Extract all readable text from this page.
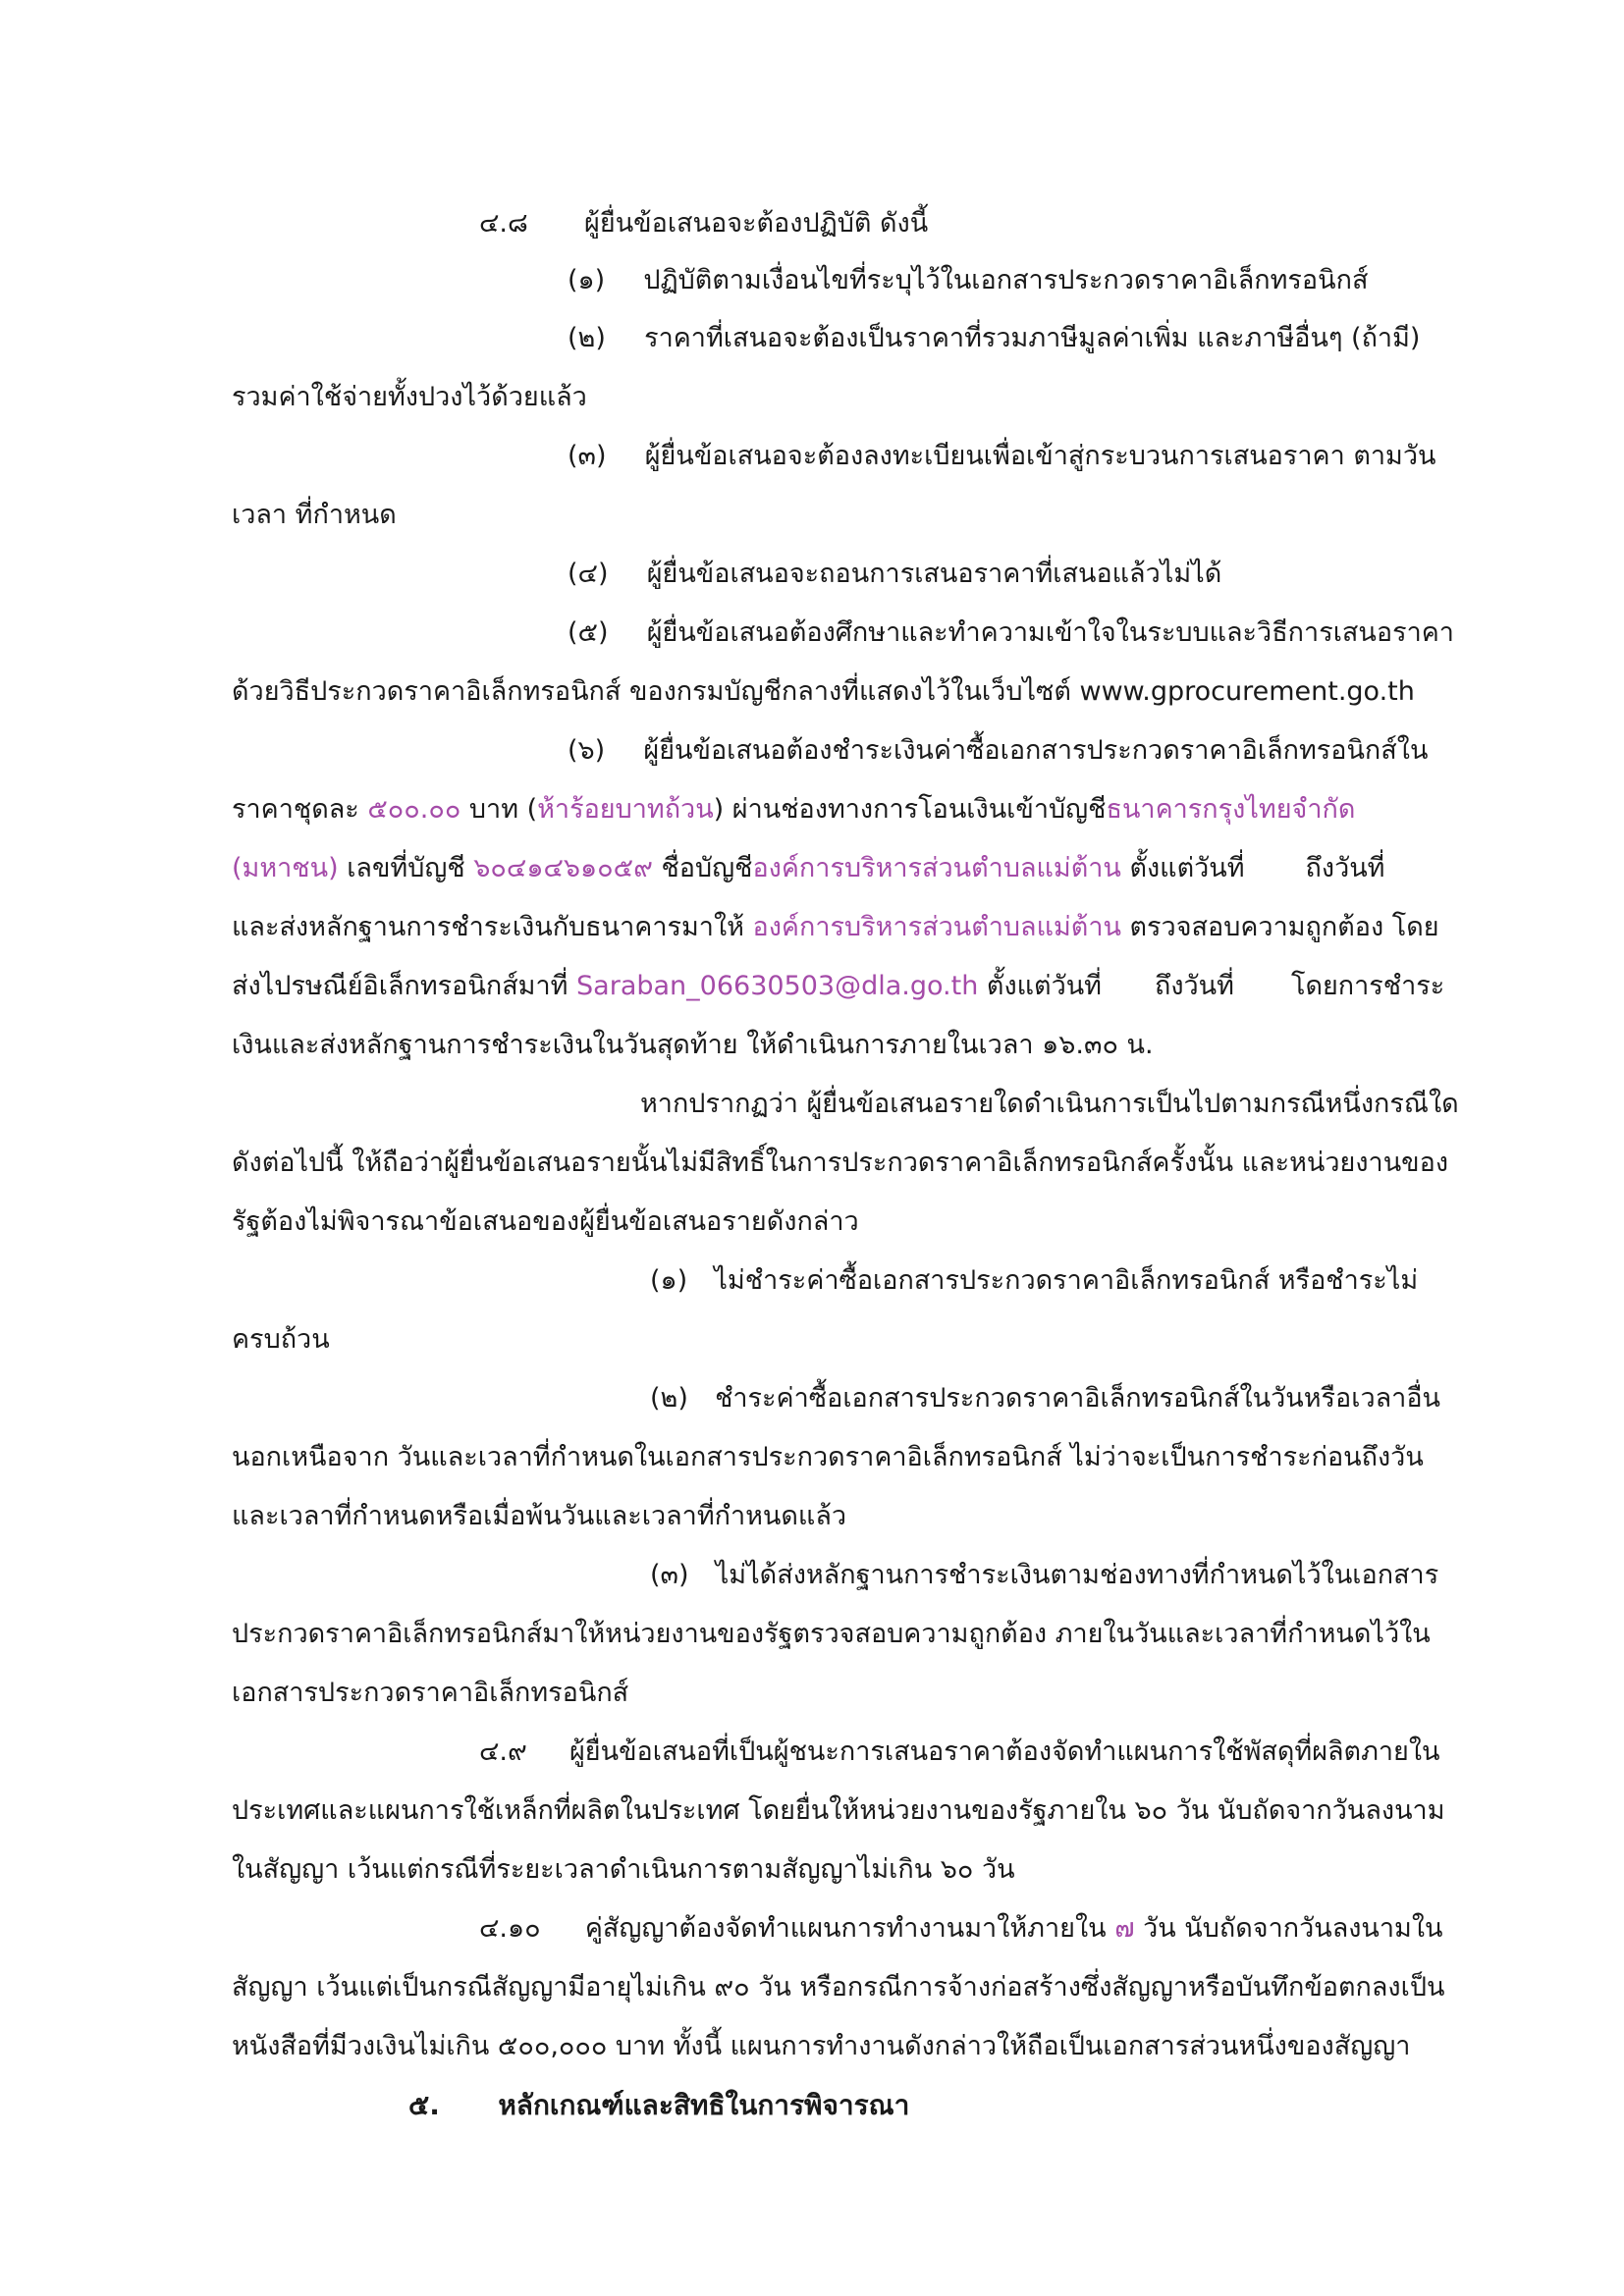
๔.๘ ผู้ยื่นข้อเสนอจะต้องปฏิบัติ ดังนี้
(๑) ปฏิบัติตามเงื่อนไขที่ระบุไว้ในเอกสารประกวดราคาอิเล็กทรอนิกส์
(๒) ราคาที่เสนอจะต้องเป็นราคาที่รวมภาษีมูลค่าเพิ่ม และภาษีอื่นๆ (ถ้ามี)
รวมค่าใช้จ่ายทั้งปวงไว้ด้วยแล้ว
(๓) ผู้ยื่นข้อเสนอจะต้องลงทะเบียนเพื่อเข้าสู่กระบวนการเสนอราคา ตามวัน
เวลา ที่กำหนด
(๔) ผู้ยื่นข้อเสนอจะถอนการเสนอราคาที่เสนอแล้วไม่ได้
(๕) ผู้ยื่นข้อเสนอต้องศึกษาและทำความเข้าใจในระบบและวิธีการเสนอราคา
ด้วยวิธีประกวดราคาอิเล็กทรอนิกส์ ของกรมบัญชีกลางที่แสดงไว้ในเว็บไซต์ www.gprocurement.go.th
(๖) ผู้ยื่นข้อเสนอต้องชำระเงินค่าซื้อเอกสารประกวดราคาอิเล็กทรอนิกส์ใน
ราคาชุดละ ๕๐๐.๐๐ บาท (ห้าร้อยบาทถ้วน) ผ่านช่องทางการโอนเงินเข้าบัญชีธนาคารกรุงไทยจำกัด
(มหาชน) เลขที่บัญชี ๖๐๔๑๔๖๑๐๕๙ ชื่อบัญชีองค์การบริหารส่วนตำบลแม่ต้าน ตั้งแต่วันที่ ถึงวันที่
และส่งหลักฐานการชำระเงินกับธนาคารมาให้ องค์การบริหารส่วนตำบลแม่ต้าน ตรวจสอบความถูกต้อง โดย
ส่งไปรษณีย์อิเล็กทรอนิกส์มาที่ Saraban_06630503@dla.go.th ตั้งแต่วันที่ ถึงวันที่ โดยการชำระ
เงินและส่งหลักฐานการชำระเงินในวันสุดท้าย ให้ดำเนินการภายในเวลา ๑๖.๓๐ น.
หากปรากฏว่า ผู้ยื่นข้อเสนอรายใดดำเนินการเป็นไปตามกรณีหนึ่งกรณีใด
ดังต่อไปนี้ ให้ถือว่าผู้ยื่นข้อเสนอรายนั้นไม่มีสิทธิ์ในการประกวดราคาอิเล็กทรอนิกส์ครั้งนั้น และหน่วยงานของ
รัฐต้องไม่พิจารณาข้อเสนอของผู้ยื่นข้อเสนอรายดังกล่าว
(๑) ไม่ชำระค่าซื้อเอกสารประกวดราคาอิเล็กทรอนิกส์ หรือชำระไม่
ครบถ้วน
(๒) ชำระค่าซื้อเอกสารประกวดราคาอิเล็กทรอนิกส์ในวันหรือเวลาอื่น
นอกเหนือจาก วันและเวลาที่กำหนดในเอกสารประกวดราคาอิเล็กทรอนิกส์ ไม่ว่าจะเป็นการชำระก่อนถึงวัน
และเวลาที่กำหนดหรือเมื่อพ้นวันและเวลาที่กำหนดแล้ว
(๓) ไม่ได้ส่งหลักฐานการชำระเงินตามช่องทางที่กำหนดไว้ในเอกสาร
ประกวดราคาอิเล็กทรอนิกส์มาให้หน่วยงานของรัฐตรวจสอบความถูกต้อง ภายในวันและเวลาที่กำหนดไว้ใน
เอกสารประกวดราคาอิเล็กทรอนิกส์
๔.๙ ผู้ยื่นข้อเสนอที่เป็นผู้ชนะการเสนอราคาต้องจัดทำแผนการใช้พัสดุที่ผลิตภายใน
ประเทศและแผนการใช้เหล็กที่ผลิตในประเทศ โดยยื่นให้หน่วยงานของรัฐภายใน ๖๐ วัน นับถัดจากวันลงนาม
ในสัญญา เว้นแต่กรณีที่ระยะเวลาดำเนินการตามสัญญาไม่เกิน ๖๐ วัน
๔.๑๐ คู่สัญญาต้องจัดทำแผนการทำงานมาให้ภายใน ๗ วัน นับถัดจากวันลงนามใน
สัญญา เว้นแต่เป็นกรณีสัญญามีอายุไม่เกิน ๙๐ วัน หรือกรณีการจ้างก่อสร้างซึ่งสัญญาหรือบันทึกข้อตกลงเป็น
หนังสือที่มีวงเงินไม่เกิน ๕๐๐,๐๐๐ บาท ทั้งนี้ แผนการทำงานดังกล่าวให้ถือเป็นเอกสารส่วนหนึ่งของสัญญา
๕. หลักเกณฑ์และสิทธิในการพิจารณา
